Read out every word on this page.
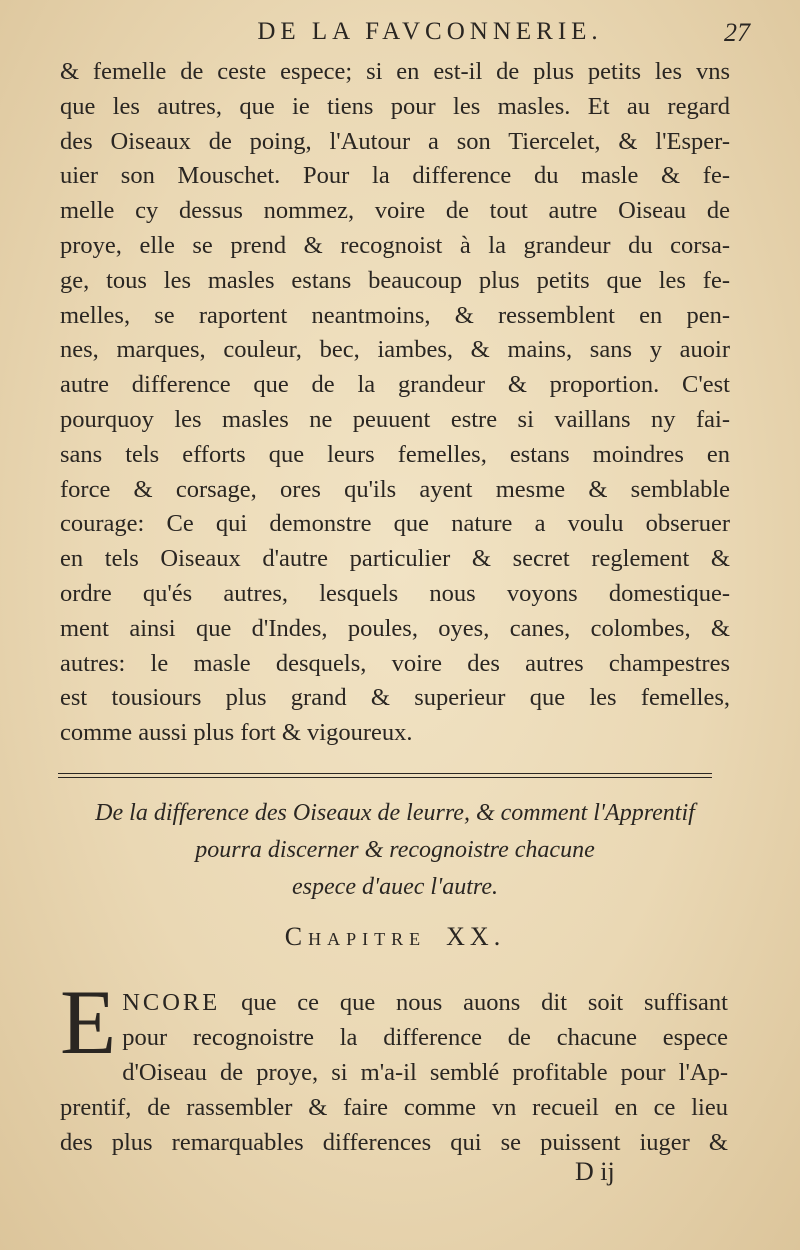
DE LA FAVCONNERIE.	27
& femelle de ceste espece; si en est-il de plus petits les vns
que les autres, que ie tiens pour les masles. Et au regard
des Oiseaux de poing, l'Autour a son Tiercelet, & l'Esper-
uier son Mouschet. Pour la difference du masle & fe-
melle cy dessus nommez, voire de tout autre Oiseau de
proye, elle se prend & recognoist à la grandeur du corsa-
ge, tous les masles estans beaucoup plus petits que les fe-
melles, se raportent neantmoins, & ressemblent en pen-
nes, marques, couleur, bec, iambes, & mains, sans y auoir
autre difference que de la grandeur & proportion. C'est
pourquoy les masles ne peuuent estre si vaillans ny fai-
sans tels efforts que leurs femelles, estans moindres en
force & corsage, ores qu'ils ayent mesme & semblable
courage: Ce qui demonstre que nature a voulu obseruer
en tels Oiseaux d'autre particulier & secret reglement &
ordre qu'és autres, lesquels nous voyons domestique-
ment ainsi que d'Indes, poules, oyes, canes, colombes, &
autres: le masle desquels, voire des autres champestres
est tousiours plus grand & superieur que les femelles,
comme aussi plus fort & vigoureux.
De la difference des Oiseaux de leurre, & comment l'Apprentif
pourra discerner & recognoistre chacune
espece d'auec l'autre.
Chapitre XX.
E NCORE que ce que nous auons dit soit suffisant
pour recognoistre la difference de chacune espece
d'Oiseau de proye, si m'a-il semblé profitable pour l'Ap-
prentif, de rassembler & faire comme vn recueil en ce lieu
des plus remarquables differences qui se puissent iuger &
D ij
